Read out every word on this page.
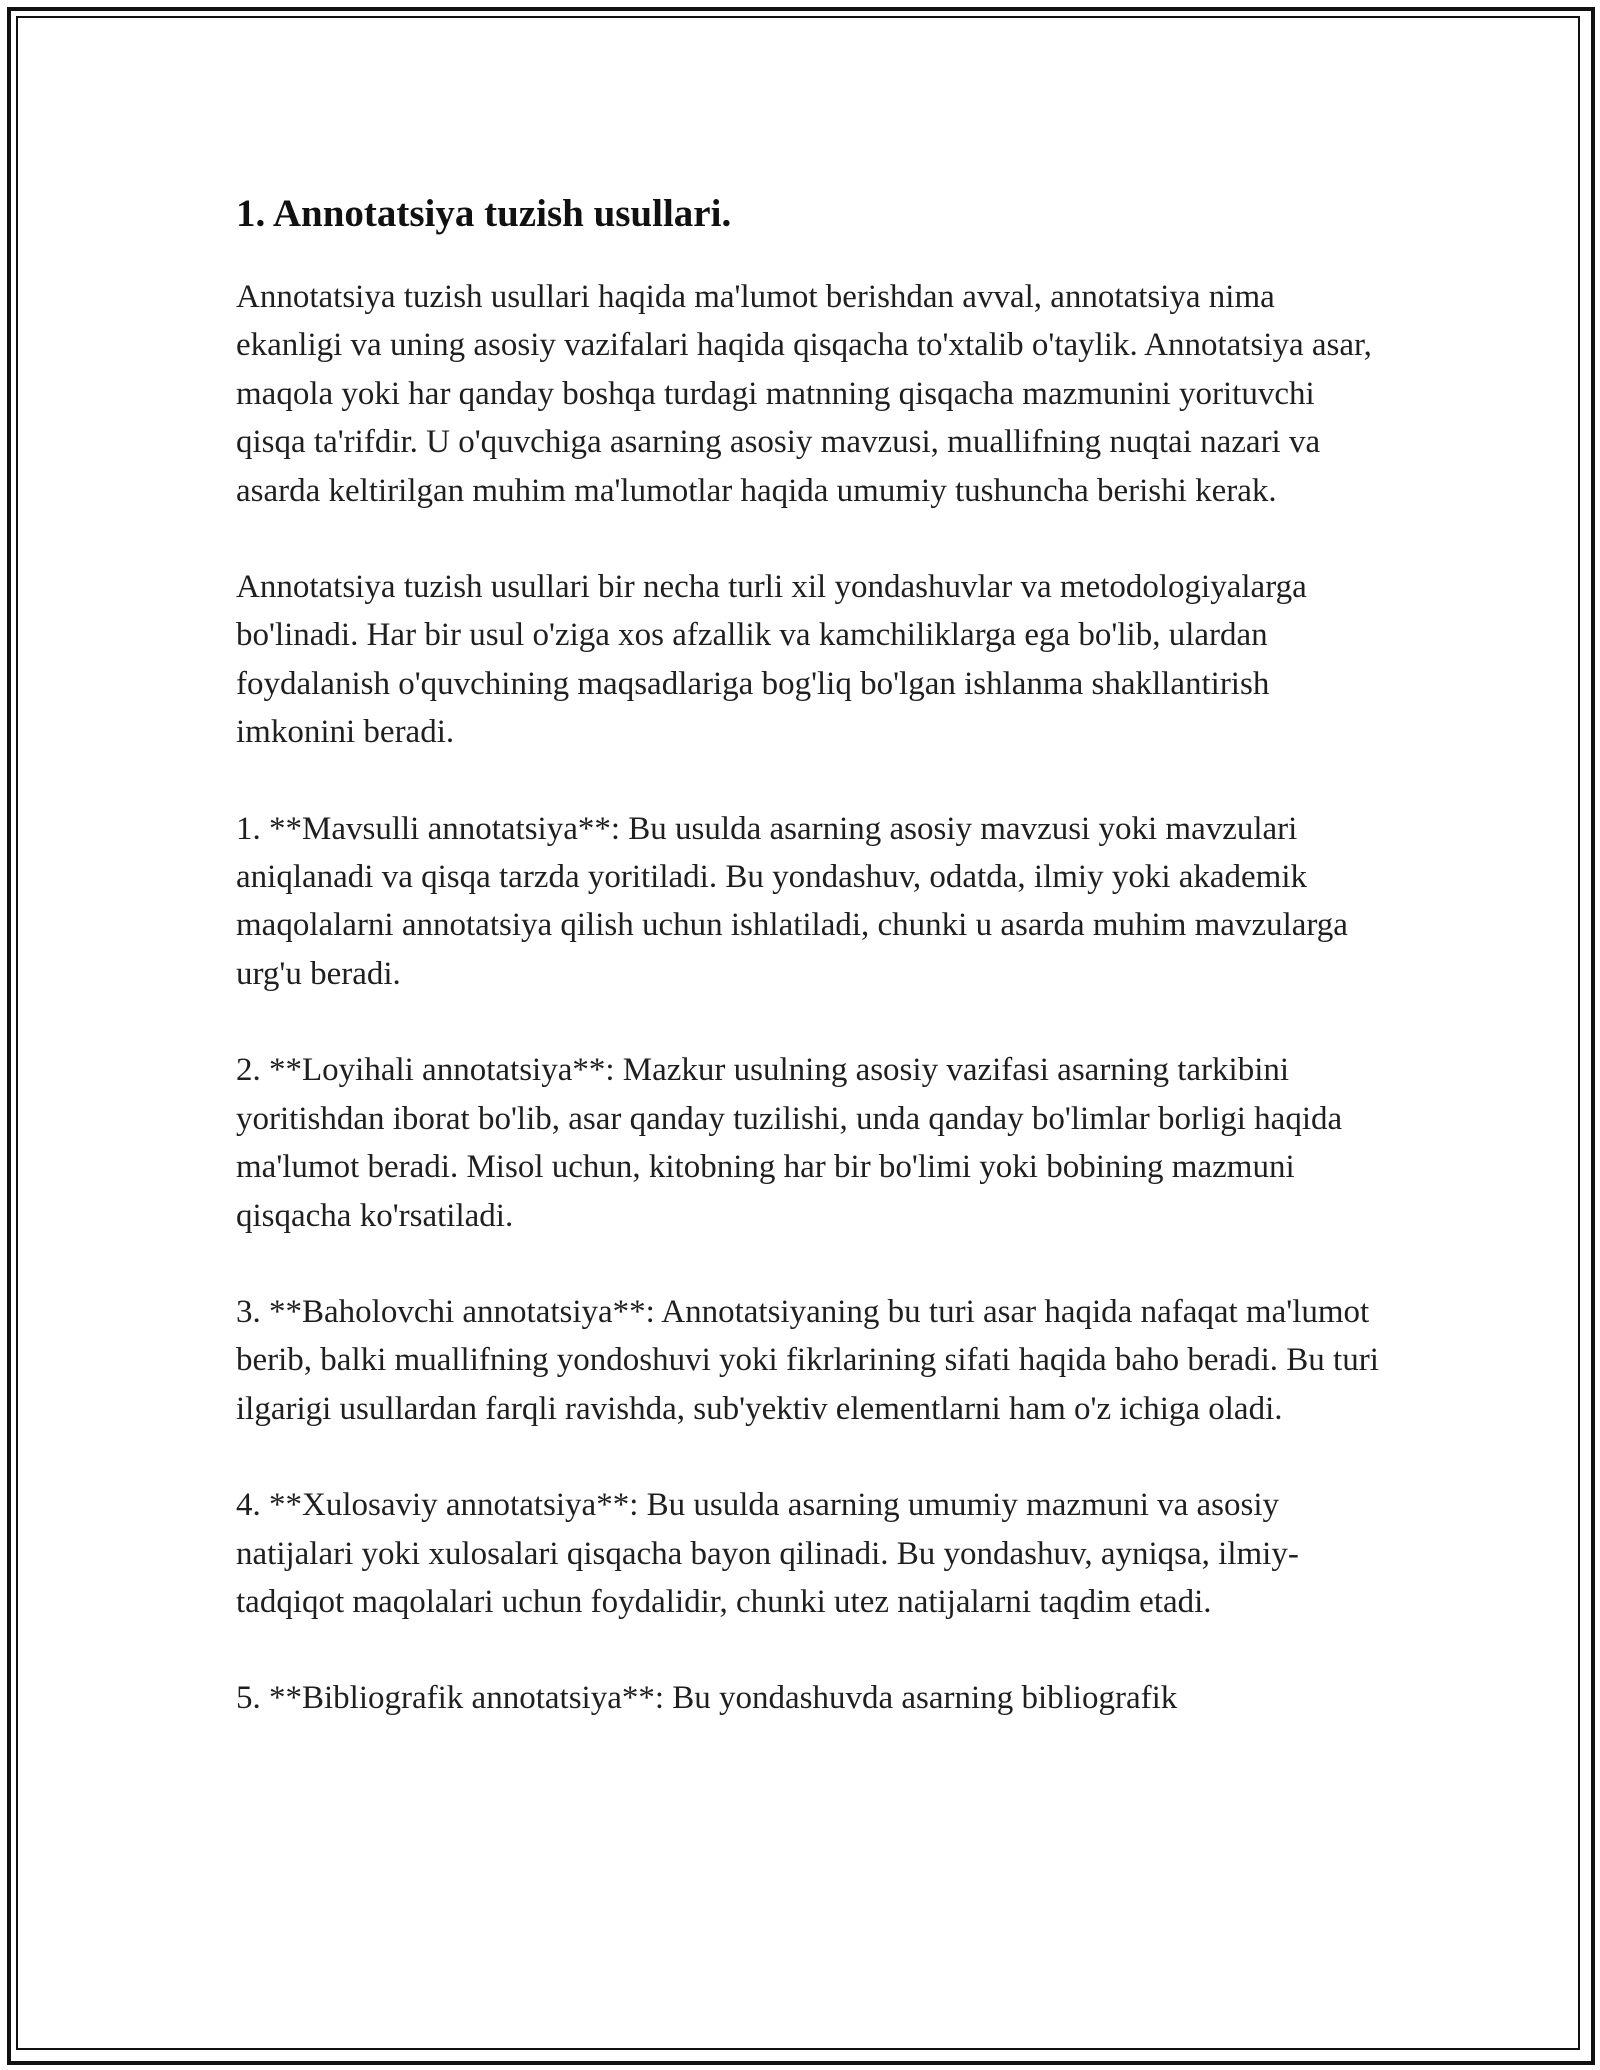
1. Annotatsiya tuzish usullari.

Annotatsiya tuzish usullari haqida ma'lumot berishdan avval, annotatsiya nima ekanligi va uning asosiy vazifalari haqida qisqacha to'xtalib o'taylik. Annotatsiya asar, maqola yoki har qanday boshqa turdagi matnning qisqacha mazmunini yorituvchi qisqa ta'rifdir. U o'quvchiga asarning asosiy mavzusi, muallifning nuqtai nazari va asarda keltirilgan muhim ma'lumotlar haqida umumiy tushuncha berishi kerak.

Annotatsiya tuzish usullari bir necha turli xil yondashuvlar va metodologiyalarga bo'linadi. Har bir usul o'ziga xos afzallik va kamchiliklarga ega bo'lib, ulardan foydalanish o'quvchining maqsadlariga bog'liq bo'lgan ishlanma shakllantirish imkonini beradi.

1. **Mavsulli annotatsiya**: Bu usulda asarning asosiy mavzusi yoki mavzulari aniqlanadi va qisqa tarzda yoritiladi. Bu yondashuv, odatda, ilmiy yoki akademik maqolalarni annotatsiya qilish uchun ishlatiladi, chunki u asarda muhim mavzularga urg'u beradi.

2. **Loyihali annotatsiya**: Mazkur usulning asosiy vazifasi asarning tarkibini yoritishdan iborat bo'lib, asar qanday tuzilishi, unda qanday bo'limlar borligi haqida ma'lumot beradi. Misol uchun, kitobning har bir bo'limi yoki bobining mazmuni qisqacha ko'rsatiladi.

3. **Baholovchi annotatsiya**: Annotatsiyaning bu turi asar haqida nafaqat ma'lumot berib, balki muallifning yondoshuvi yoki fikrlarining sifati haqida baho beradi. Bu turi ilgarigi usullardan farqli ravishda, sub'yektiv elementlarni ham o'z ichiga oladi.

4. **Xulosaviy annotatsiya**: Bu usulda asarning umumiy mazmuni va asosiy natijalari yoki xulosalari qisqacha bayon qilinadi. Bu yondashuv, ayniqsa, ilmiy-tadqiqot maqolalari uchun foydalidir, chunki utez natijalarni taqdim etadi.

5. **Bibliografik annotatsiya**: Bu yondashuvda asarning bibliografik
